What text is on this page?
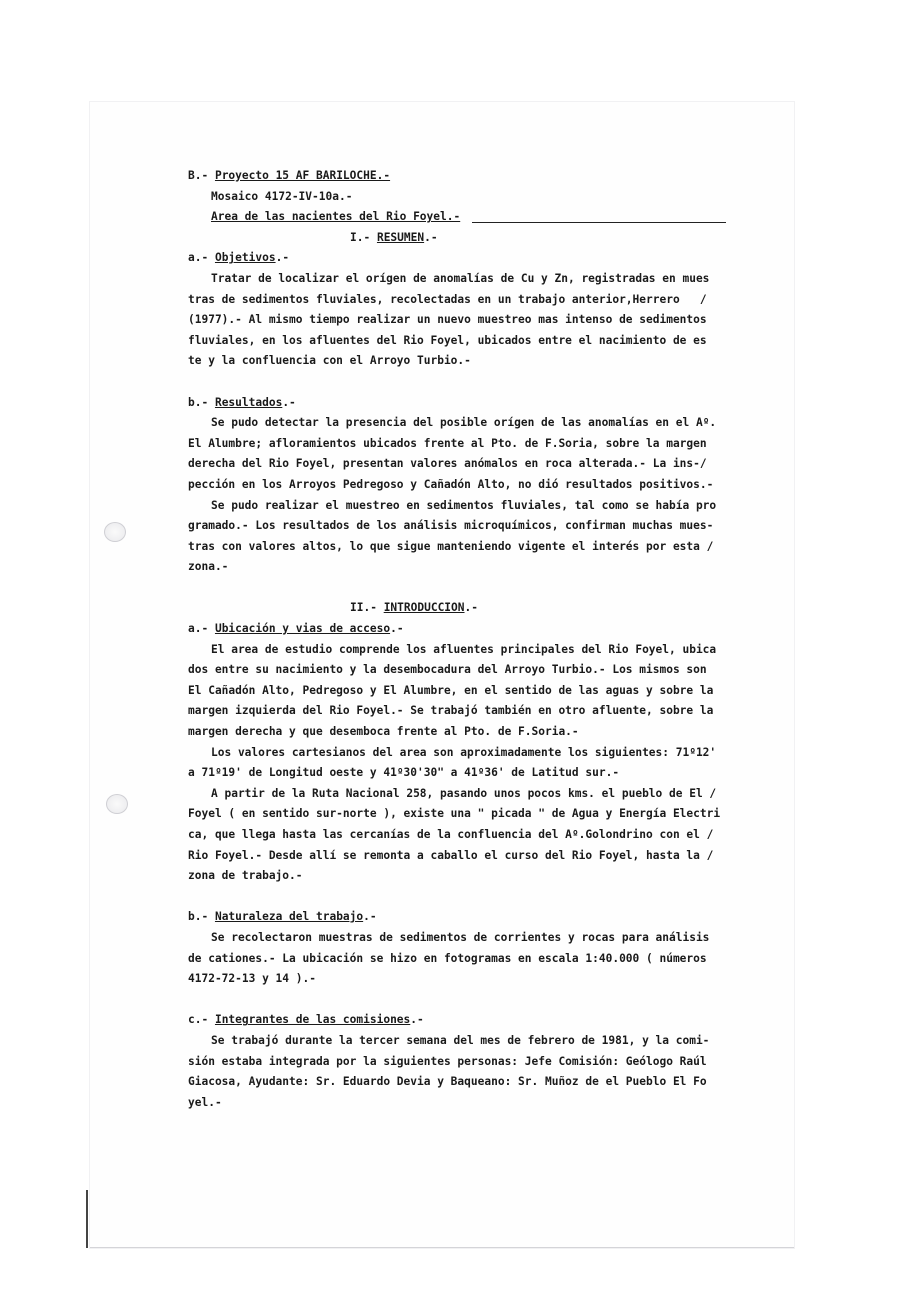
B.- Proyecto 15 AF BARILOCHE.-
Mosaico 4172-IV-10a.-
Area de las nacientes del Rio Foyel.-
I.- RESUMEN.-
a.- Objetivos.-
Tratar de localizar el orígen de anomalías de Cu y Zn, registradas en mues
tras de sedimentos fluviales, recolectadas en un trabajo anterior,Herrero   /
(1977).- Al mismo tiempo realizar un nuevo muestreo mas intenso de sedimentos
fluviales, en los afluentes del Rio Foyel, ubicados entre el nacimiento de es
te y la confluencia con el Arroyo Turbio.-
b.- Resultados.-
Se pudo detectar la presencia del posible orígen de las anomalías en el Aº.
El Alumbre; afloramientos ubicados frente al Pto. de F.Soria, sobre la margen
derecha del Rio Foyel, presentan valores anómalos en roca alterada.- La ins-/
pección en los Arroyos Pedregoso y Cañadón Alto, no dió resultados positivos.-
Se pudo realizar el muestreo en sedimentos fluviales, tal como se había pro
gramado.- Los resultados de los análisis microquímicos, confirman muchas mues-
tras con valores altos, lo que sigue manteniendo vigente el interés por esta /
zona.-
II.- INTRODUCCION.-
a.- Ubicación y vias de acceso.-
El area de estudio comprende los afluentes principales del Rio Foyel, ubica
dos entre su nacimiento y la desembocadura del Arroyo Turbio.- Los mismos son
El Cañadón Alto, Pedregoso y El Alumbre, en el sentido de las aguas y sobre la
margen izquierda del Rio Foyel.- Se trabajó también en otro afluente, sobre la
margen derecha y que desemboca frente al Pto. de F.Soria.-
Los valores cartesianos del area son aproximadamente los siguientes: 71º12'
a 71º19' de Longitud oeste y 41º30'30" a 41º36' de Latitud sur.-
A partir de la Ruta Nacional 258, pasando unos pocos kms. el pueblo de El /
Foyel ( en sentido sur-norte ), existe una " picada " de Agua y Energía Electri
ca, que llega hasta las cercanías de la confluencia del Aº.Golondrino con el /
Rio Foyel.- Desde allí se remonta a caballo el curso del Rio Foyel, hasta la /
zona de trabajo.-
b.- Naturaleza del trabajo.-
Se recolectaron muestras de sedimentos de corrientes y rocas para análisis
de cationes.- La ubicación se hizo en fotogramas en escala 1:40.000 ( números
4172-72-13 y 14 ).-
c.- Integrantes de las comisiones.-
Se trabajó durante la tercer semana del mes de febrero de 1981, y la comi-
sión estaba integrada por la siguientes personas: Jefe Comisión: Geólogo Raúl
Giacosa, Ayudante: Sr. Eduardo Devia y Baqueano: Sr. Muñoz de el Pueblo El Fo
yel.-
